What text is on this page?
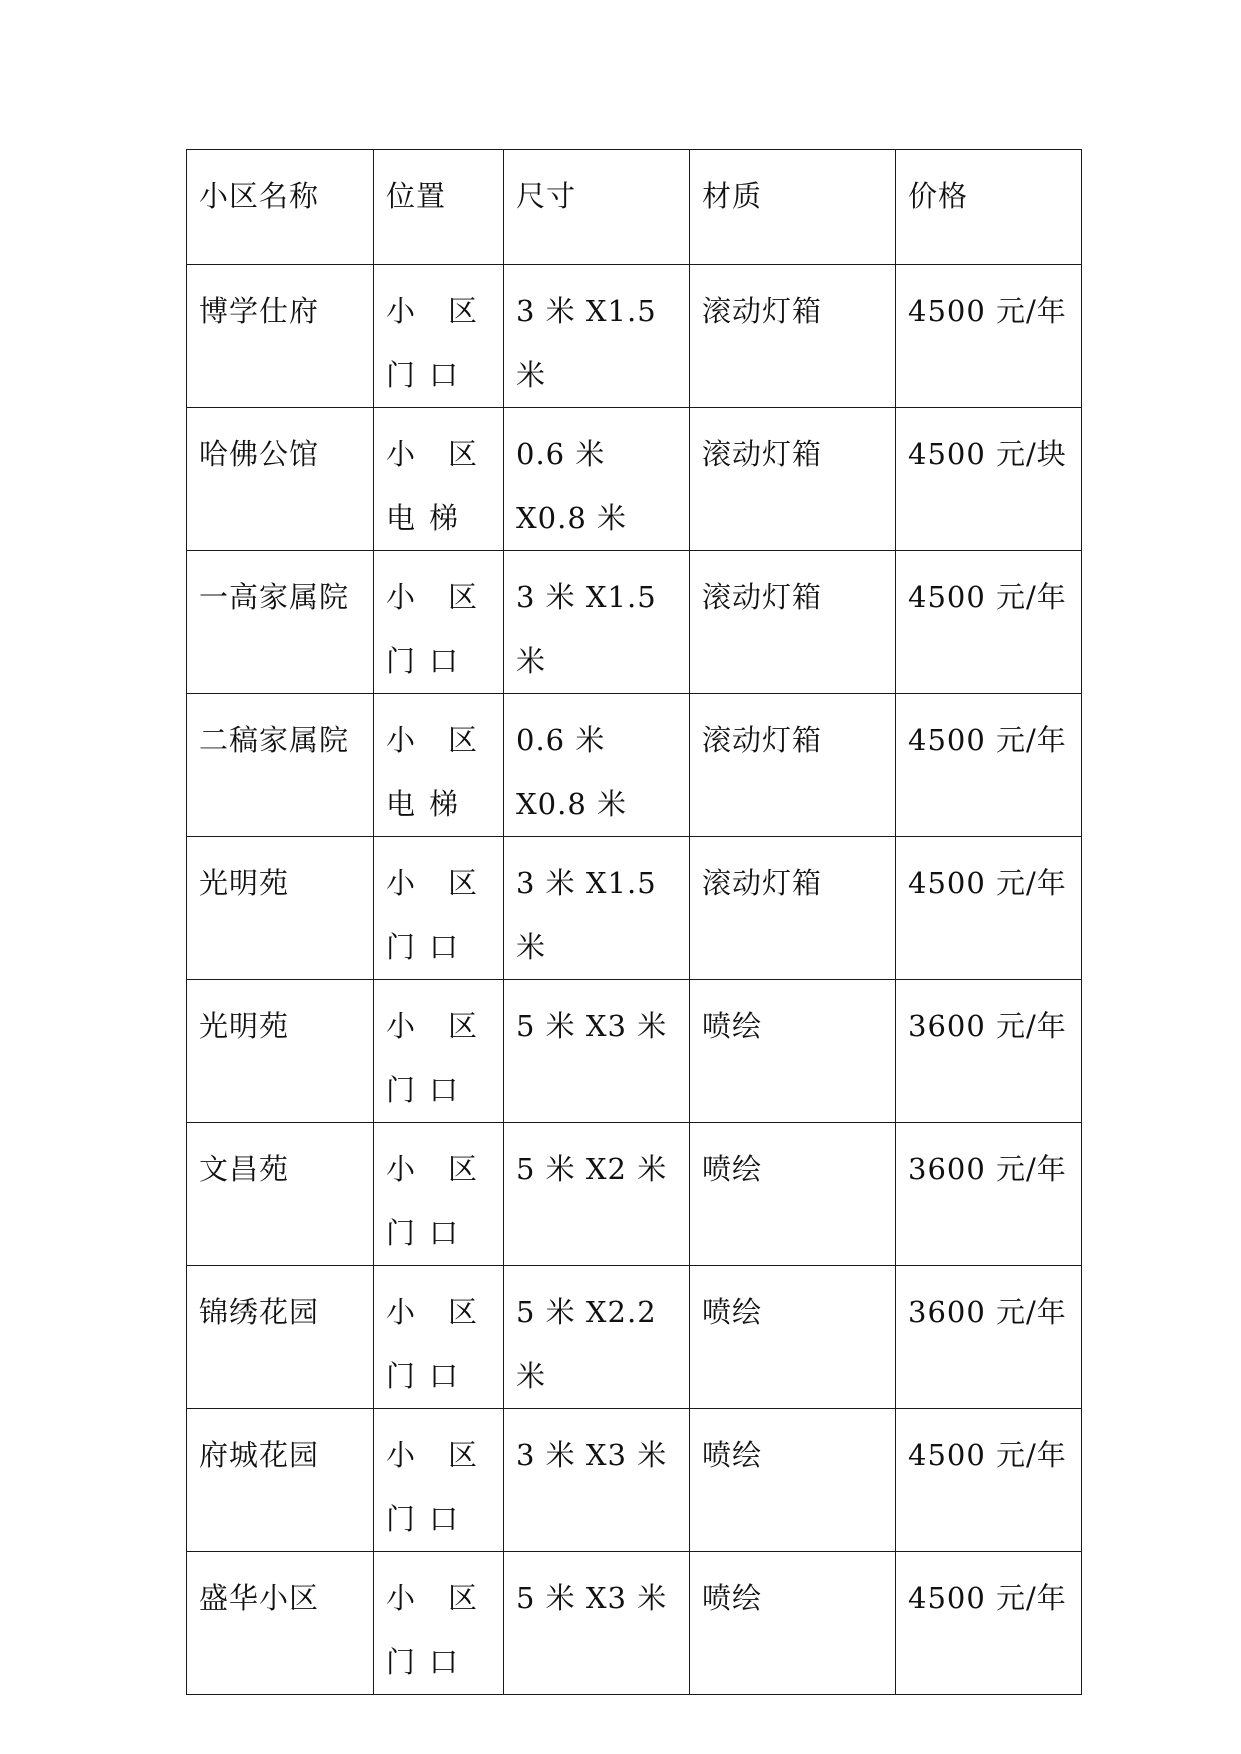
小区名称	位置	尺寸	材质	价格
博学仕府	小区门口	3 米 X1.5 米	滚动灯箱	4500 元/年
哈佛公馆	小区电梯	0.6 米 X0.8 米	滚动灯箱	4500 元/块
一高家属院	小区门口	3 米 X1.5 米	滚动灯箱	4500 元/年
二稿家属院	小区电梯	0.6 米 X0.8 米	滚动灯箱	4500 元/年
光明苑	小区门口	3 米 X1.5 米	滚动灯箱	4500 元/年
光明苑	小区门口	5 米 X3 米	喷绘	3600 元/年
文昌苑	小区门口	5 米 X2 米	喷绘	3600 元/年
锦绣花园	小区门口	5 米 X2.2 米	喷绘	3600 元/年
府城花园	小区门口	3 米 X3 米	喷绘	4500 元/年
盛华小区	小区门口	5 米 X3 米	喷绘	4500 元/年
